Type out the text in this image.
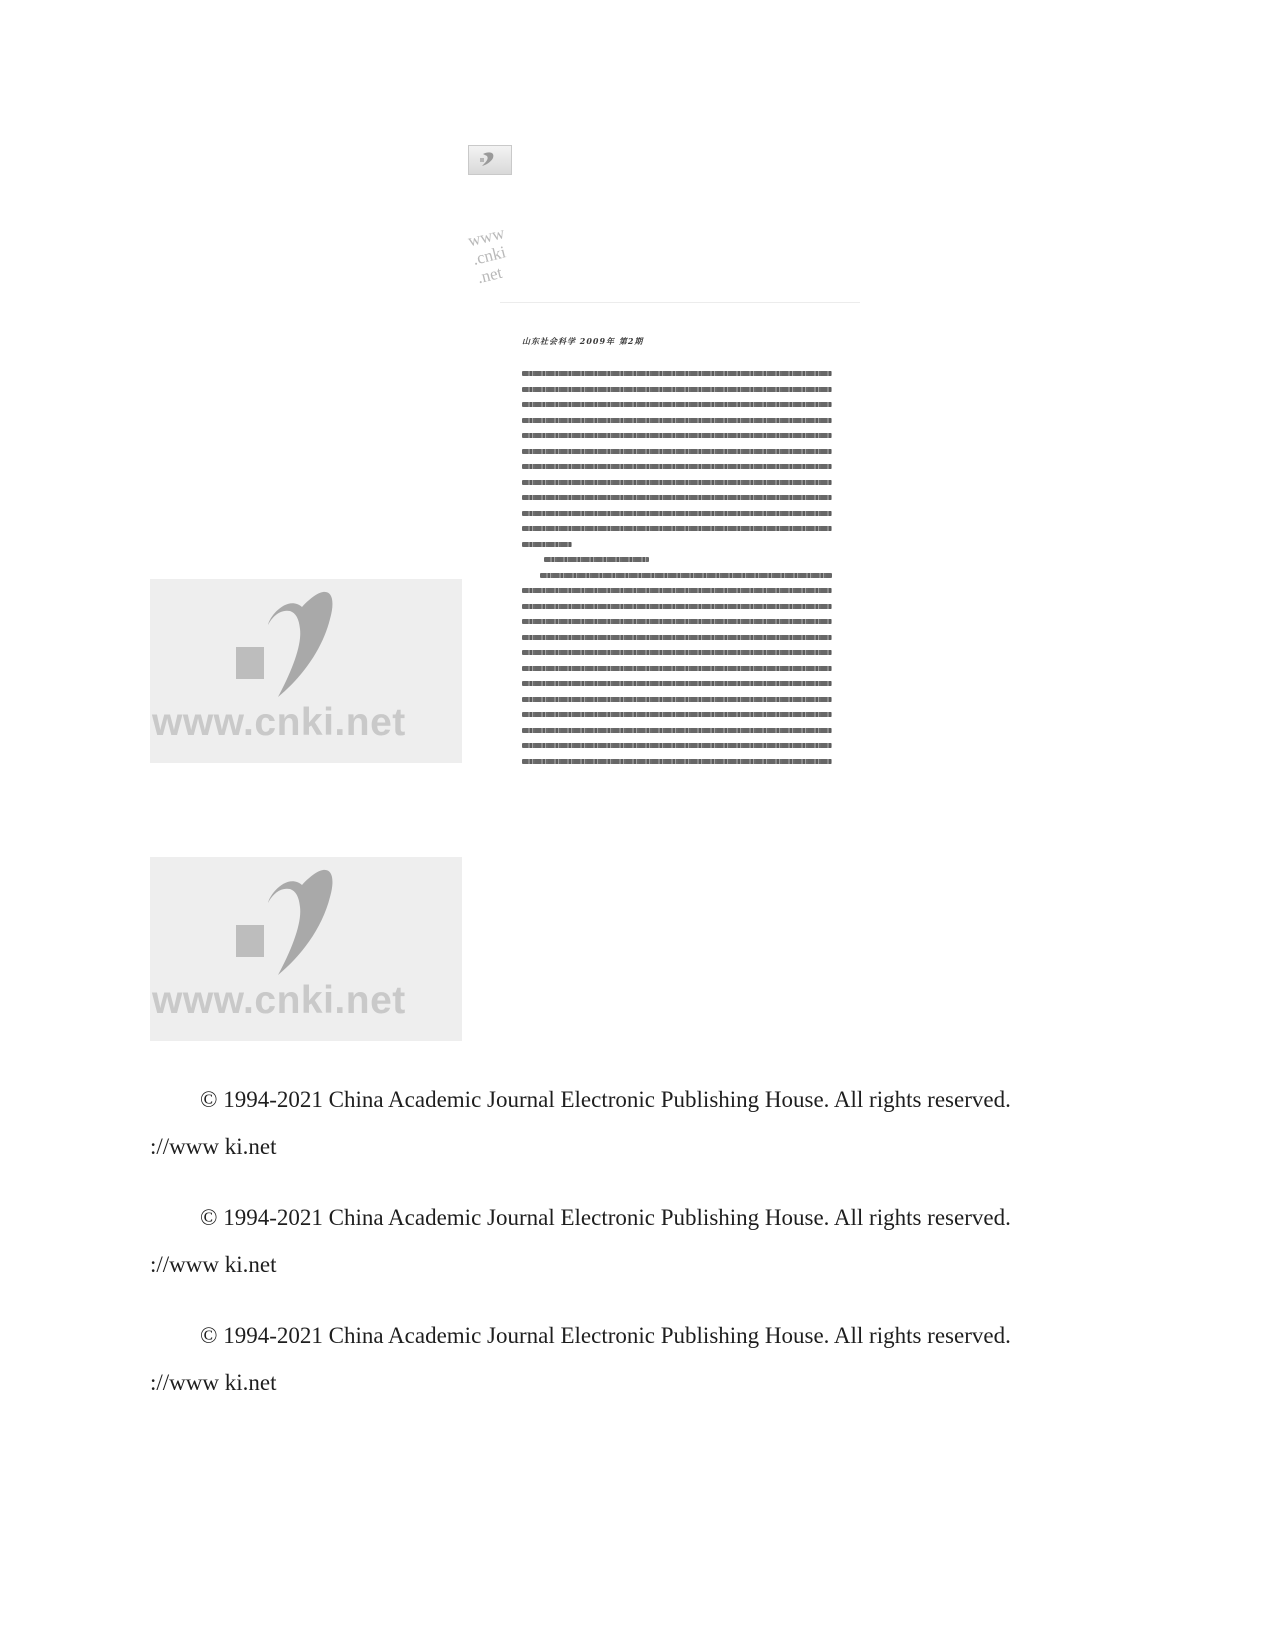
www
.cnki
.net
山东社会科学 2009年 第2期
www.cnki.net
www.cnki.net
© 1994-2021 China Academic Journal Electronic Publishing House. All rights reserved.
://www ki.net
© 1994-2021 China Academic Journal Electronic Publishing House. All rights reserved.
://www ki.net
© 1994-2021 China Academic Journal Electronic Publishing House. All rights reserved.
://www ki.net
